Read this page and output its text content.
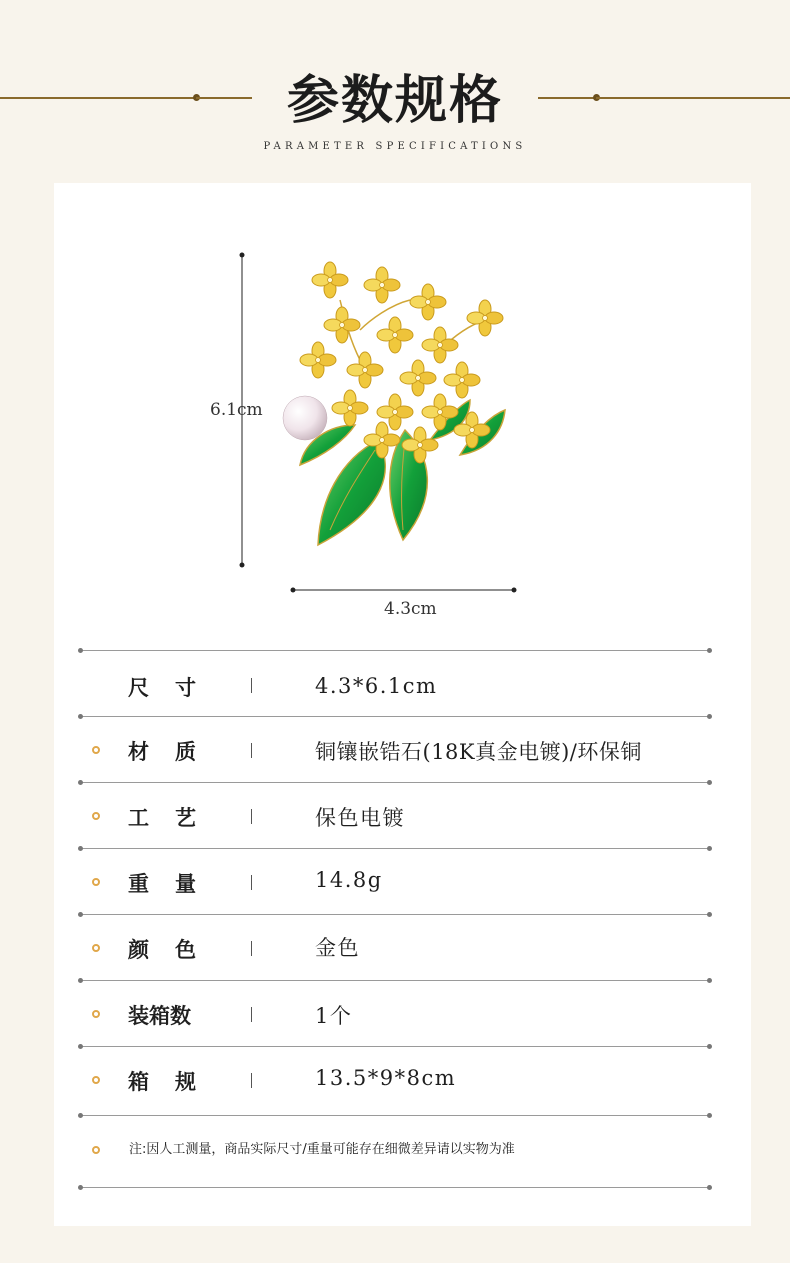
参数规格
PARAMETER SPECIFICATIONS
6.1cm
4.3cm
尺寸	4.3*6.1cm
材质	铜镶嵌锆石(18K真金电镀)/环保铜
工艺	保色电镀
重量	14.8g
颜色	金色
装箱数	1个
箱规	13.5*9*8cm
注:因人工测量，商品实际尺寸/重量可能存在细微差异请以实物为准
